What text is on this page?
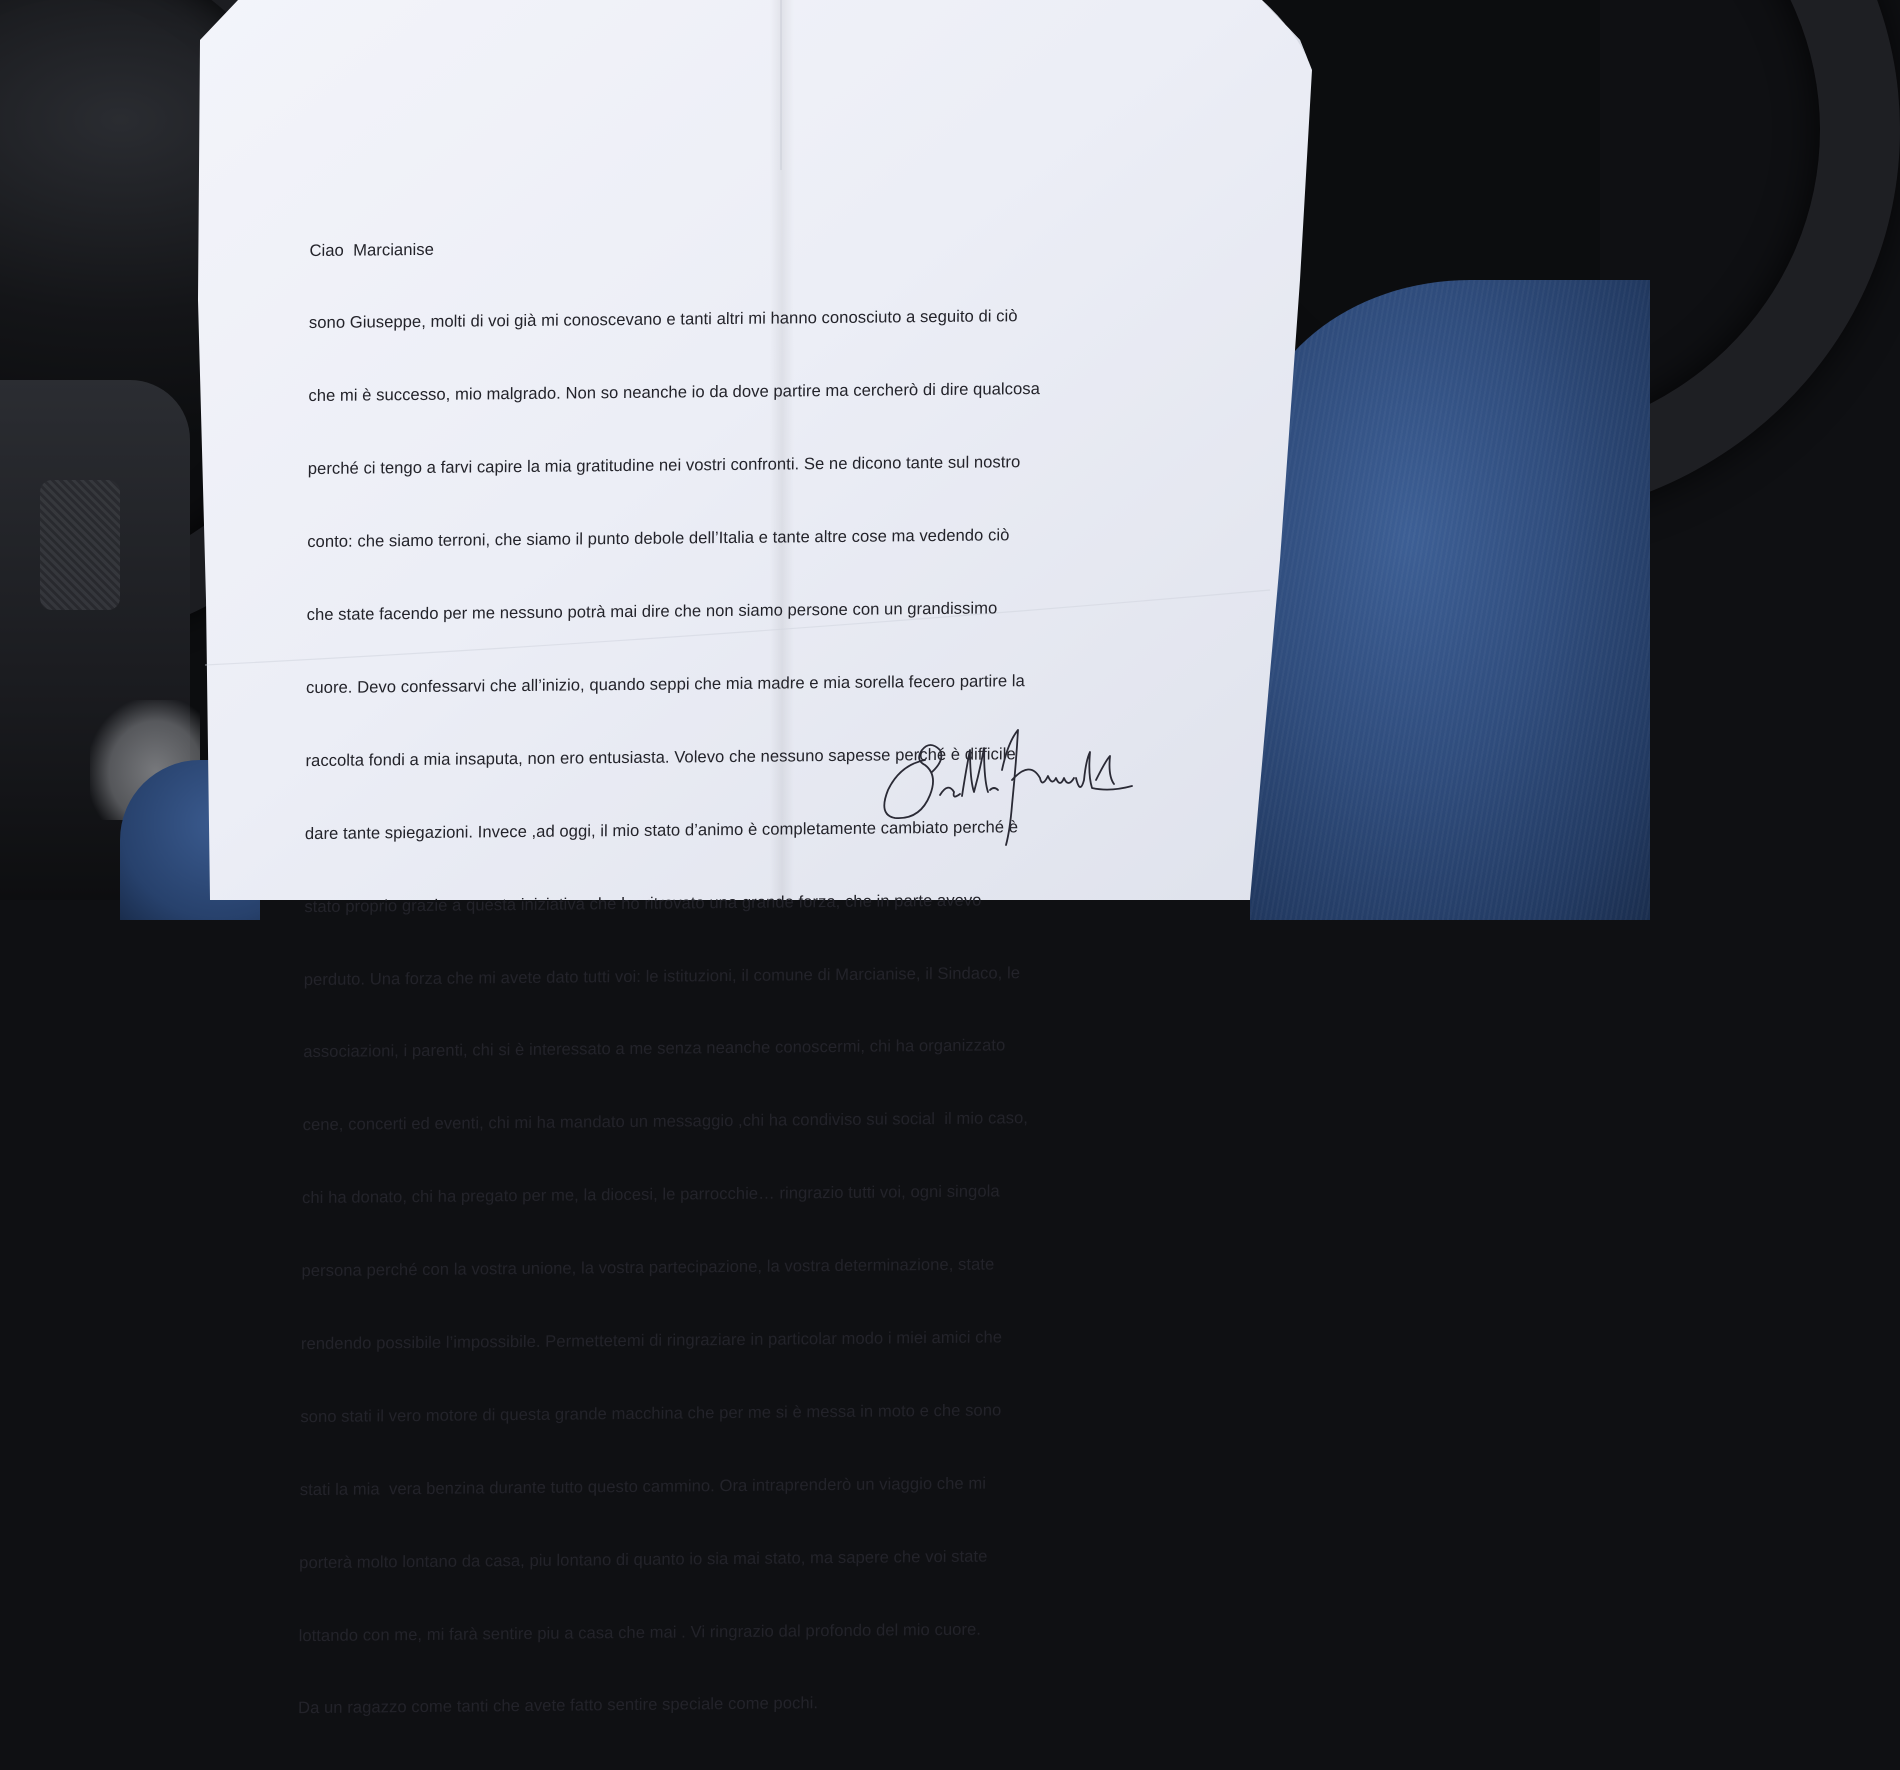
Ciao  Marcianise

sono Giuseppe, molti di voi già mi conoscevano e tanti altri mi hanno conosciuto a seguito di ciò

che mi è successo, mio malgrado. Non so neanche io da dove partire ma cercherò di dire qualcosa

perché ci tengo a farvi capire la mia gratitudine nei vostri confronti. Se ne dicono tante sul nostro

conto: che siamo terroni, che siamo il punto debole dell’Italia e tante altre cose ma vedendo ciò

che state facendo per me nessuno potrà mai dire che non siamo persone con un grandissimo

cuore. Devo confessarvi che all’inizio, quando seppi che mia madre e mia sorella fecero partire la

raccolta fondi a mia insaputa, non ero entusiasta. Volevo che nessuno sapesse perché è difficile

dare tante spiegazioni. Invece ,ad oggi, il mio stato d’animo è completamente cambiato perché è

stato proprio grazie a questa iniziativa che ho ritrovato una grande forza, che in parte avevo

perduto. Una forza che mi avete dato tutti voi: le istituzioni, il comune di Marcianise, il Sindaco, le

associazioni, i parenti, chi si è interessato a me senza neanche conoscermi, chi ha organizzato

cene, concerti ed eventi, chi mi ha mandato un messaggio ,chi ha condiviso sui social  il mio caso,

chi ha donato, chi ha pregato per me, la diocesi, le parrocchie… ringrazio tutti voi, ogni singola

persona perché con la vostra unione, la vostra partecipazione, la vostra determinazione, state

rendendo possibile l’impossibile. Permettetemi di ringraziare in particolar modo i miei amici che

sono stati il vero motore di questa grande macchina che per me si è messa in moto e che sono

stati la mia  vera benzina durante tutto questo cammino. Ora intraprenderò un viaggio che mi

porterà molto lontano da casa, piu lontano di quanto io sia mai stato, ma sapere che voi state

lottando con me, mi farà sentire piu a casa che mai . Vi ringrazio dal profondo del mio cuore.

Da un ragazzo come tanti che avete fatto sentire speciale come pochi.
